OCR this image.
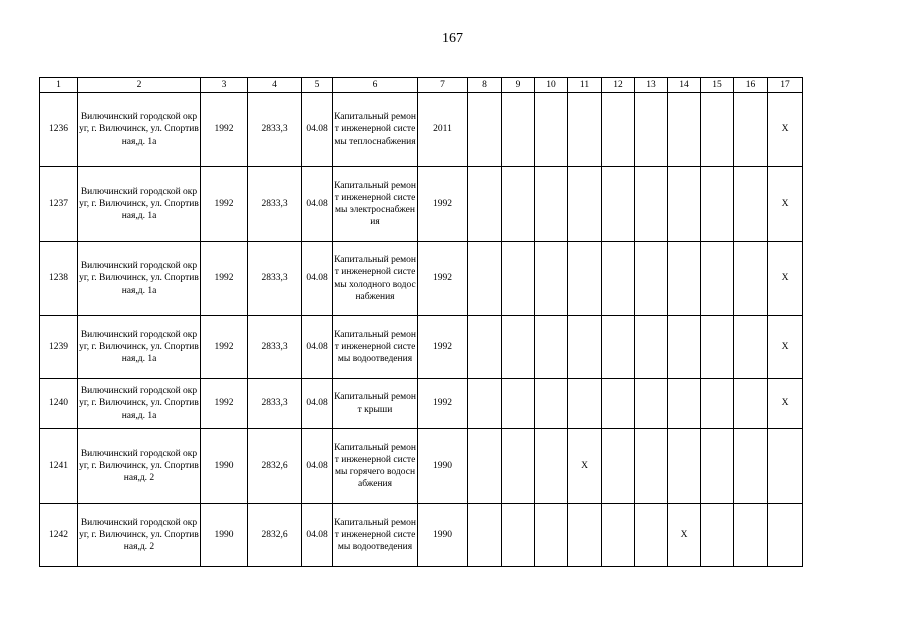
167
1	2	3	4	5	6	7	8	9	10	11	12	13	14	15	16	17
1236	Вилючинский городской округ, г. Вилючинск, ул. Спортивная,д. 1а	1992	2833,3	04.08	Капитальный ремонт инженерной системы теплоснабжения	2011										X
1237	Вилючинский городской округ, г. Вилючинск, ул. Спортивная,д. 1а	1992	2833,3	04.08	Капитальный ремонт инженерной системы электроснабжения	1992										X
1238	Вилючинский городской округ, г. Вилючинск, ул. Спортивная,д. 1а	1992	2833,3	04.08	Капитальный ремонт инженерной системы холодного водоснабжения	1992										X
1239	Вилючинский городской округ, г. Вилючинск, ул. Спортивная,д. 1а	1992	2833,3	04.08	Капитальный ремонт инженерной системы водоотведения	1992										X
1240	Вилючинский городской округ, г. Вилючинск, ул. Спортивная,д. 1а	1992	2833,3	04.08	Капитальный ремонт крыши	1992										X
1241	Вилючинский городской округ, г. Вилючинск, ул. Спортивная,д. 2	1990	2832,6	04.08	Капитальный ремонт инженерной системы горячего водоснабжения	1990				X						
1242	Вилючинский городской округ, г. Вилючинск, ул. Спортивная,д. 2	1990	2832,6	04.08	Капитальный ремонт инженерной системы водоотведения	1990							X			
